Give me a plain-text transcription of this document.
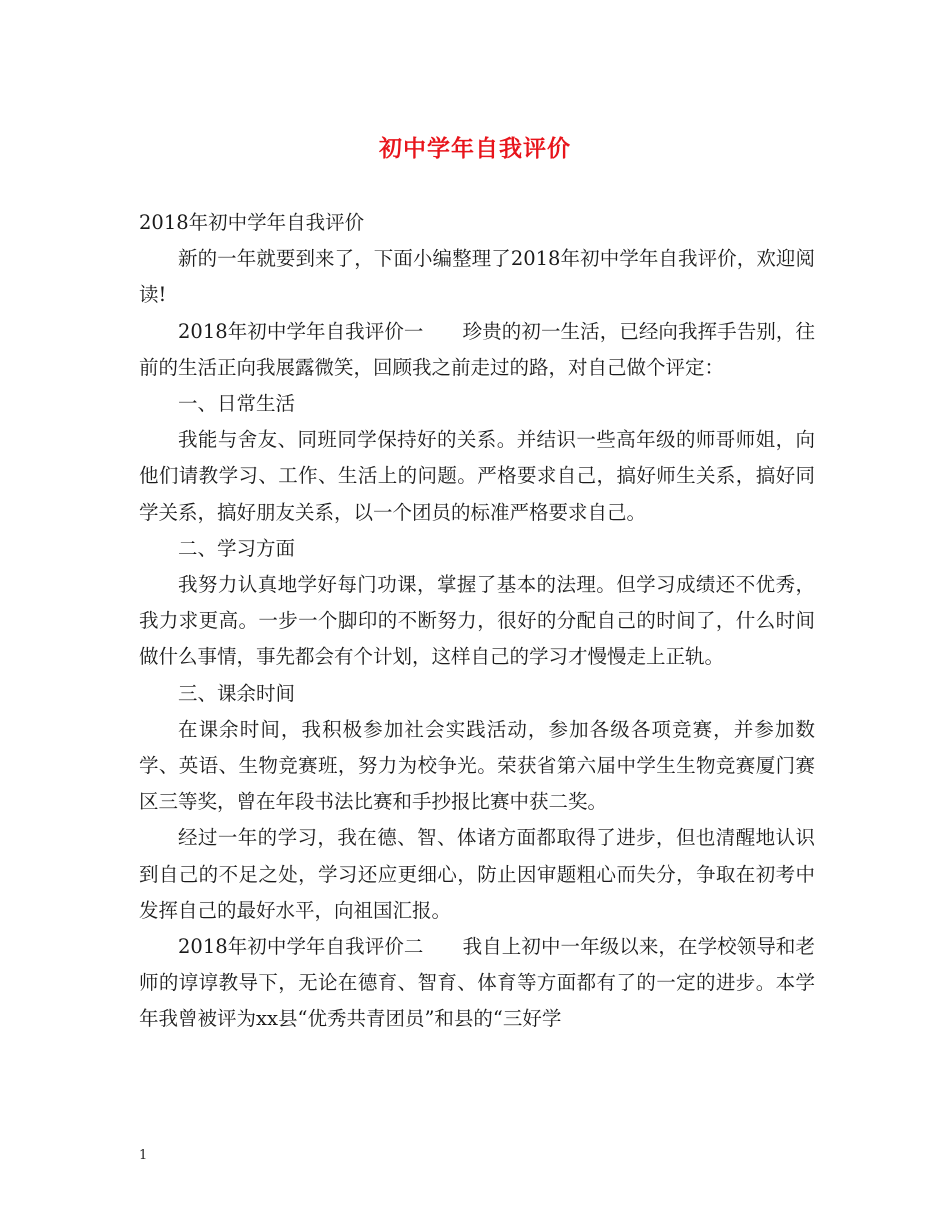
初中学年自我评价

2018年初中学年自我评价

新的一年就要到来了，下面小编整理了2018年初中学年自我评价，欢迎阅读!

2018年初中学年自我评价一　　珍贵的初一生活，已经向我挥手告别，往前的生活正向我展露微笑，回顾我之前走过的路，对自己做个评定：

一、日常生活

我能与舍友、同班同学保持好的关系。并结识一些高年级的师哥师姐，向他们请教学习、工作、生活上的问题。严格要求自己，搞好师生关系，搞好同学关系，搞好朋友关系，以一个团员的标准严格要求自己。

二、学习方面

我努力认真地学好每门功课，掌握了基本的法理。但学习成绩还不优秀，我力求更高。一步一个脚印的不断努力，很好的分配自己的时间了，什么时间做什么事情，事先都会有个计划，这样自己的学习才慢慢走上正轨。

三、课余时间

在课余时间，我积极参加社会实践活动，参加各级各项竞赛，并参加数学、英语、生物竞赛班，努力为校争光。荣获省第六届中学生生物竞赛厦门赛区三等奖，曾在年段书法比赛和手抄报比赛中获二奖。

经过一年的学习，我在德、智、体诸方面都取得了进步，但也清醒地认识到自己的不足之处，学习还应更细心，防止因审题粗心而失分，争取在初考中发挥自己的最好水平，向祖国汇报。

2018年初中学年自我评价二　　我自上初中一年级以来，在学校领导和老师的谆谆教导下，无论在德育、智育、体育等方面都有了的一定的进步。本学年我曾被评为xx县“优秀共青团员”和县的“三好学

1
